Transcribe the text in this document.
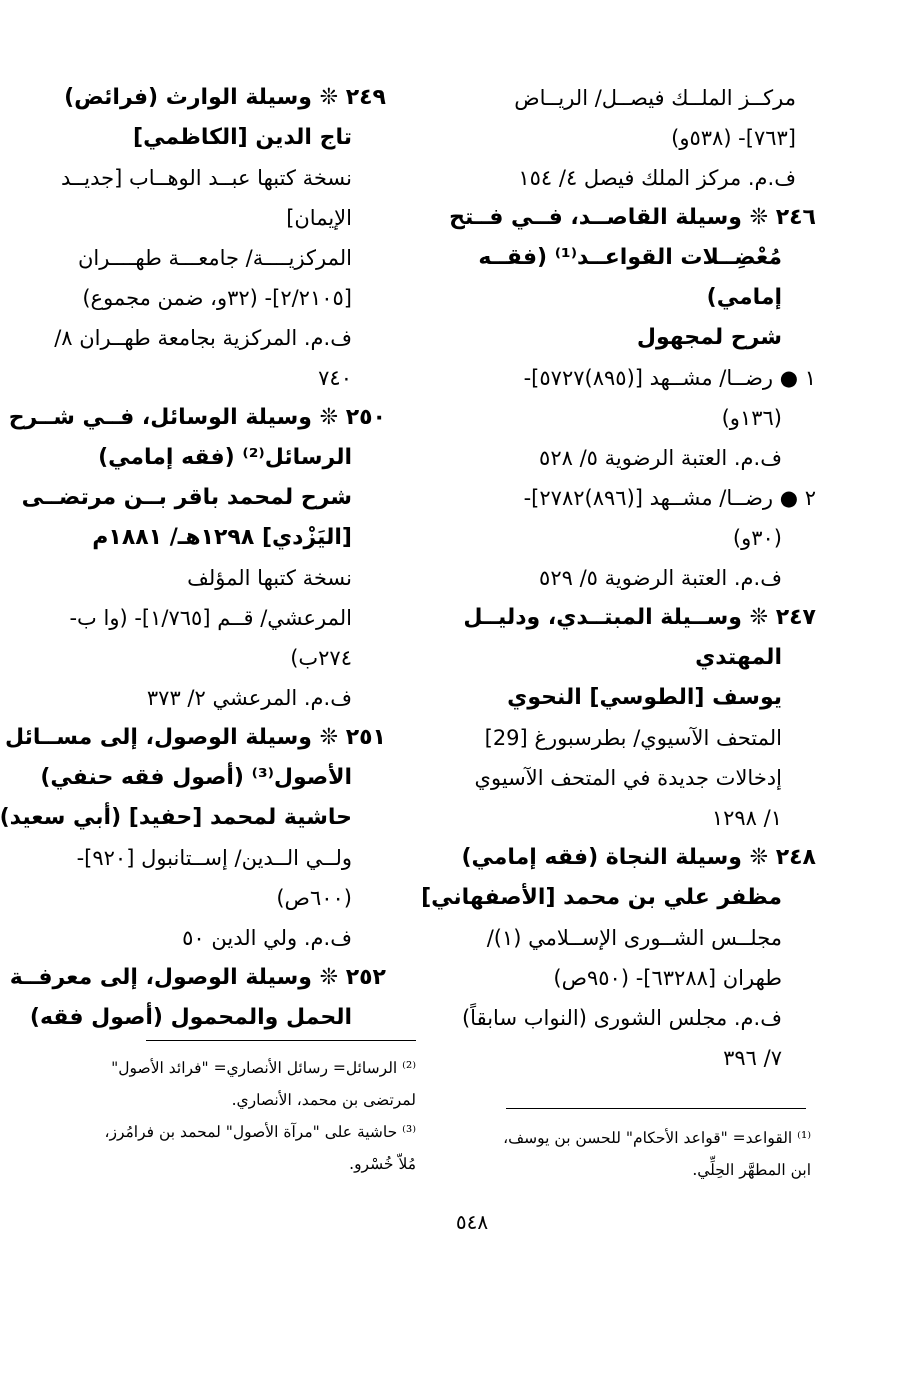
مركــز الملــك فيصــل/ الريــاض
[٧٦٣]- (٥٣٨و)
ف.م. مركز الملك فيصل ٤/ ١٥٤
٢٤٦ ❊ وسيلة القاصــد، فــي فــتح
مُعْضِــلات القواعــد⁽¹⁾ (فقــه
إمامي)
شرح لمجهول
١ ● رضــا/ مشــهد [(٨٩٥)٥٧٢٧]-
(١٣٦و)
ف.م. العتبة الرضوية ٥/ ٥٢٨
٢ ● رضــا/ مشــهد [(٨٩٦)٢٧٨٢]-
(٣٠و)
ف.م. العتبة الرضوية ٥/ ٥٢٩
٢٤٧ ❊ وســيلة المبتــدي، ودليــل
المهتدي
يوسف [الطوسي] النحوي
المتحف الآسيوي/ بطرسبورغ [29]
إدخالات جديدة في المتحف الآسيوي
١/ ١٢٩٨
٢٤٨ ❊ وسيلة النجاة (فقه إمامي)
مظفر علي بن محمد [الأصفهاني]
مجلــس الشــورى الإســلامي (١)/
طهران [٦٣٢٨٨]- (٩٥٠ص)
ف.م. مجلس الشورى (النواب سابقاً)
٧/ ٣٩٦
٢٤٩ ❊ وسيلة الوارث (فرائض)
تاج الدين [الكاظمي]
نسخة كتبها عبــد الوهــاب [جديــد
الإيمان]
المركزيــــة/ جامعـــة طهــــران
[٢/٢١٠٥]- (٣٢و، ضمن مجموع)
ف.م. المركزية بجامعة طهــران ٨/
٧٤٠
٢٥٠ ❊ وسيلة الوسائل، فــي شــرح
الرسائل⁽²⁾ (فقه إمامي)
شرح لمحمد باقر بــن مرتضــى
[اليَزْدي] ١٢٩٨هـ/ ١٨٨١م
نسخة كتبها المؤلف
المرعشي/ قــم [١/٧٦٥]- (وا ب-
٢٧٤ب)
ف.م. المرعشي ٢/ ٣٧٣
٢٥١ ❊ وسيلة الوصول، إلى مســائل
الأصول⁽³⁾ (أصول فقه حنفي)
حاشية لمحمد [حفيد] (أبي سعيد)
ولــي الــدين/ إســتانبول [٩٢٠]-
(٦٠٠ص)
ف.م. ولي الدين ٥٠
٢٥٢ ❊ وسيلة الوصول، إلى معرفــة
الحمل والمحمول (أصول فقه)
⁽²⁾ الرسائل= رسائل الأنصاري= "فرائد الأصول"
لمرتضى بن محمد، الأنصاري.
⁽³⁾ حاشية على "مرآة الأصول" لمحمد بن فرامُرز،
مُلاّ خُسْرو.
⁽¹⁾ القواعد= "قواعد الأحكام" للحسن بن يوسف،
ابن المطهَّر الحِلِّي.
٥٤٨
